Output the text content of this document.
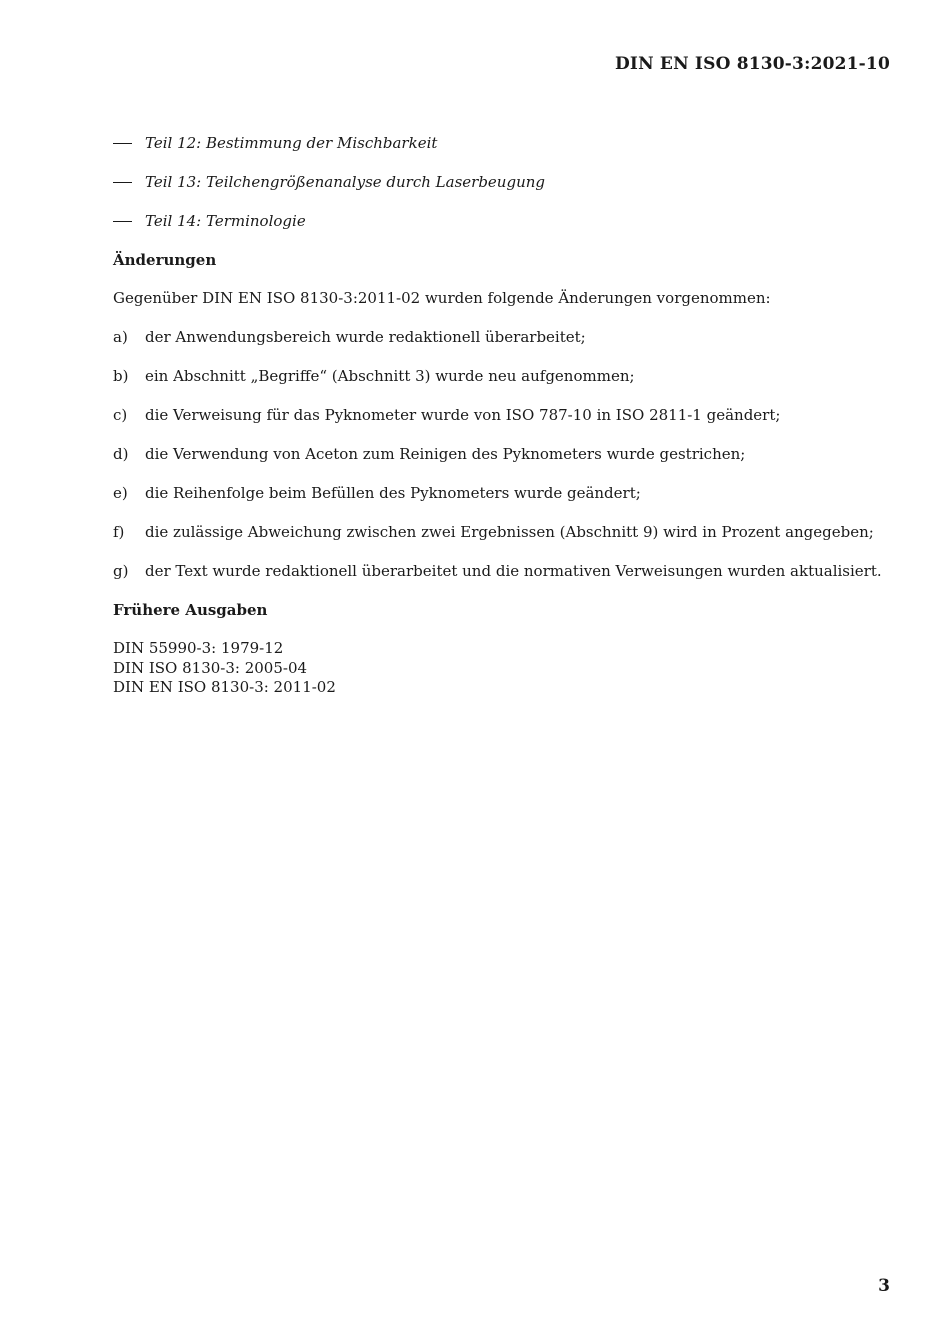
DIN EN ISO 8130-3:2021-10
Teil 12: Bestimmung der Mischbarkeit
Teil 13: Teilchengrößenanalyse durch Laserbeugung
Teil 14: Terminologie
Änderungen
Gegenüber DIN EN ISO 8130-3:2011-02 wurden folgende Änderungen vorgenommen:
a) der Anwendungsbereich wurde redaktionell überarbeitet;
b) ein Abschnitt „Begriffe“ (Abschnitt 3) wurde neu aufgenommen;
c) die Verweisung für das Pyknometer wurde von ISO 787-10 in ISO 2811-1 geändert;
d) die Verwendung von Aceton zum Reinigen des Pyknometers wurde gestrichen;
e) die Reihenfolge beim Befüllen des Pyknometers wurde geändert;
f) die zulässige Abweichung zwischen zwei Ergebnissen (Abschnitt 9) wird in Prozent angegeben;
g) der Text wurde redaktionell überarbeitet und die normativen Verweisungen wurden aktualisiert.
Frühere Ausgaben
DIN 55990-3: 1979-12
DIN ISO 8130-3: 2005-04
DIN EN ISO 8130-3: 2011-02
3
